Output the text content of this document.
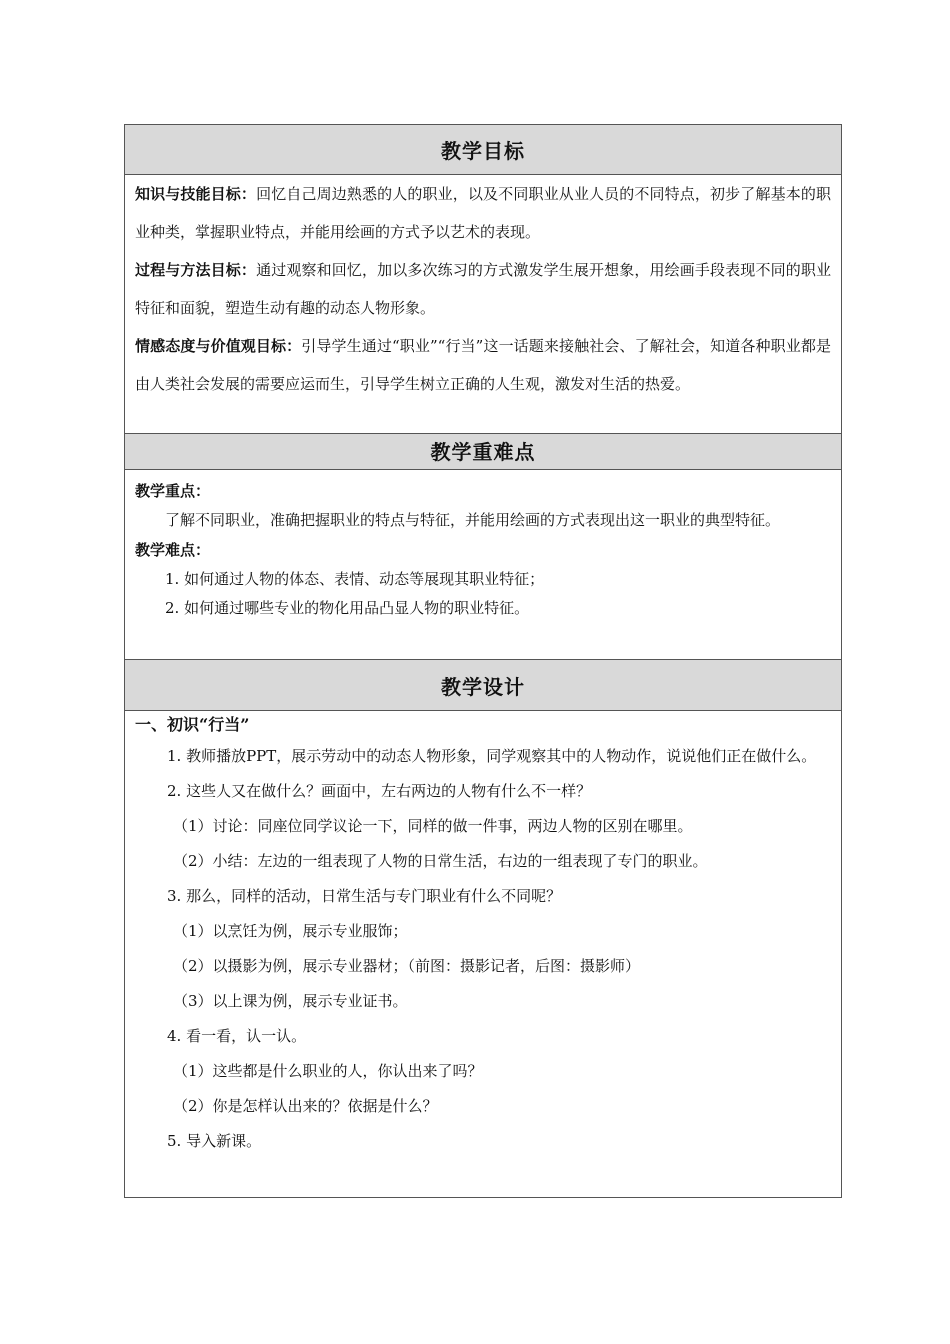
教学目标

知识与技能目标：回忆自己周边熟悉的人的职业，以及不同职业从业人员的不同特点，初步了解基本的职业种类，掌握职业特点，并能用绘画的方式予以艺术的表现。

过程与方法目标：通过观察和回忆，加以多次练习的方式激发学生展开想象，用绘画手段表现不同的职业特征和面貌，塑造生动有趣的动态人物形象。

情感态度与价值观目标：引导学生通过“职业”“行当”这一话题来接触社会、了解社会，知道各种职业都是由人类社会发展的需要应运而生，引导学生树立正确的人生观，激发对生活的热爱。

教学重难点

教学重点：

了解不同职业，准确把握职业的特点与特征，并能用绘画的方式表现出这一职业的典型特征。

教学难点：

1. 如何通过人物的体态、表情、动态等展现其职业特征；

2. 如何通过哪些专业的物化用品凸显人物的职业特征。

教学设计

一、初识“行当”

1. 教师播放PPT，展示劳动中的动态人物形象，同学观察其中的人物动作，说说他们正在做什么。

2. 这些人又在做什么？画面中，左右两边的人物有什么不一样？

（1）讨论：同座位同学议论一下，同样的做一件事，两边人物的区别在哪里。

（2）小结：左边的一组表现了人物的日常生活，右边的一组表现了专门的职业。

3. 那么，同样的活动，日常生活与专门职业有什么不同呢？

（1）以烹饪为例，展示专业服饰；

（2）以摄影为例，展示专业器材；（前图：摄影记者，后图：摄影师）

（3）以上课为例，展示专业证书。

4. 看一看，认一认。

（1）这些都是什么职业的人，你认出来了吗？

（2）你是怎样认出来的？依据是什么？

5. 导入新课。
